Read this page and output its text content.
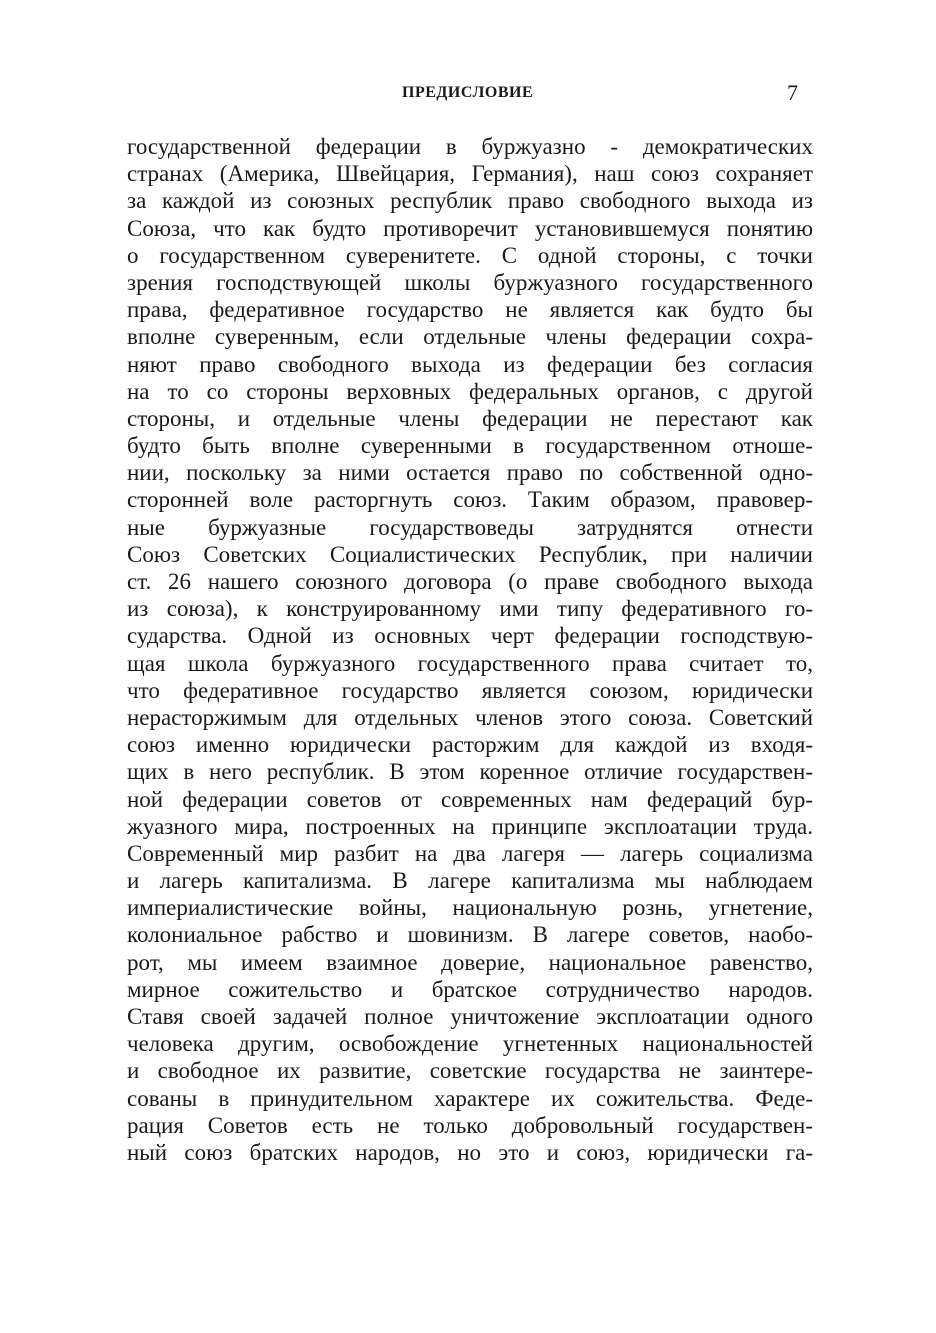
ПРЕДИСЛОВИЕ	7
государственной федерации в буржуазно - демократических
странах (Америка, Швейцария, Германия), наш союз сохраняет
за каждой из союзных республик право свободного выхода из
Союза, что как будто противоречит установившемуся понятию
о государственном суверенитете. С одной стороны, с точки
зрения господствующей школы буржуазного государственного
права, федеративное государство не является как будто бы
вполне суверенным, если отдельные члены федерации сохра-
няют право свободного выхода из федерации без согласия
на то со стороны верховных федеральных органов, с другой
стороны, и отдельные члены федерации не перестают как
будто быть вполне суверенными в государственном отноше-
нии, поскольку за ними остается право по собственной одно-
сторонней воле расторгнуть союз. Таким образом, правовер-
ные буржуазные государствоведы затруднятся отнести
Союз Советских Социалистических Республик, при наличии
ст. 26 нашего союзного договора (о праве свободного выхода
из союза), к конструированному ими типу федеративного го-
сударства. Одной из основных черт федерации господствую-
щая школа буржуазного государственного права считает то,
что федеративное государство является союзом, юридически
нерасторжимым для отдельных членов этого союза. Советский
союз именно юридически расторжим для каждой из входя-
щих в него республик. В этом коренное отличие государствен-
ной федерации советов от современных нам федераций бур-
жуазного мира, построенных на принципе эксплоатации труда.
Современный мир разбит на два лагеря — лагерь социализма
и лагерь капитализма. В лагере капитализма мы наблюдаем
империалистические войны, национальную рознь, угнетение,
колониальное рабство и шовинизм. В лагере советов, наобо-
рот, мы имеем взаимное доверие, национальное равенство,
мирное сожительство и братское сотрудничество народов.
Ставя своей задачей полное уничтожение эксплоатации одного
человека другим, освобождение угнетенных национальностей
и свободное их развитие, советские государства не заинтере-
сованы в принудительном характере их сожительства. Феде-
рация Советов есть не только добровольный государствен-
ный союз братских народов, но это и союз, юридически га-
